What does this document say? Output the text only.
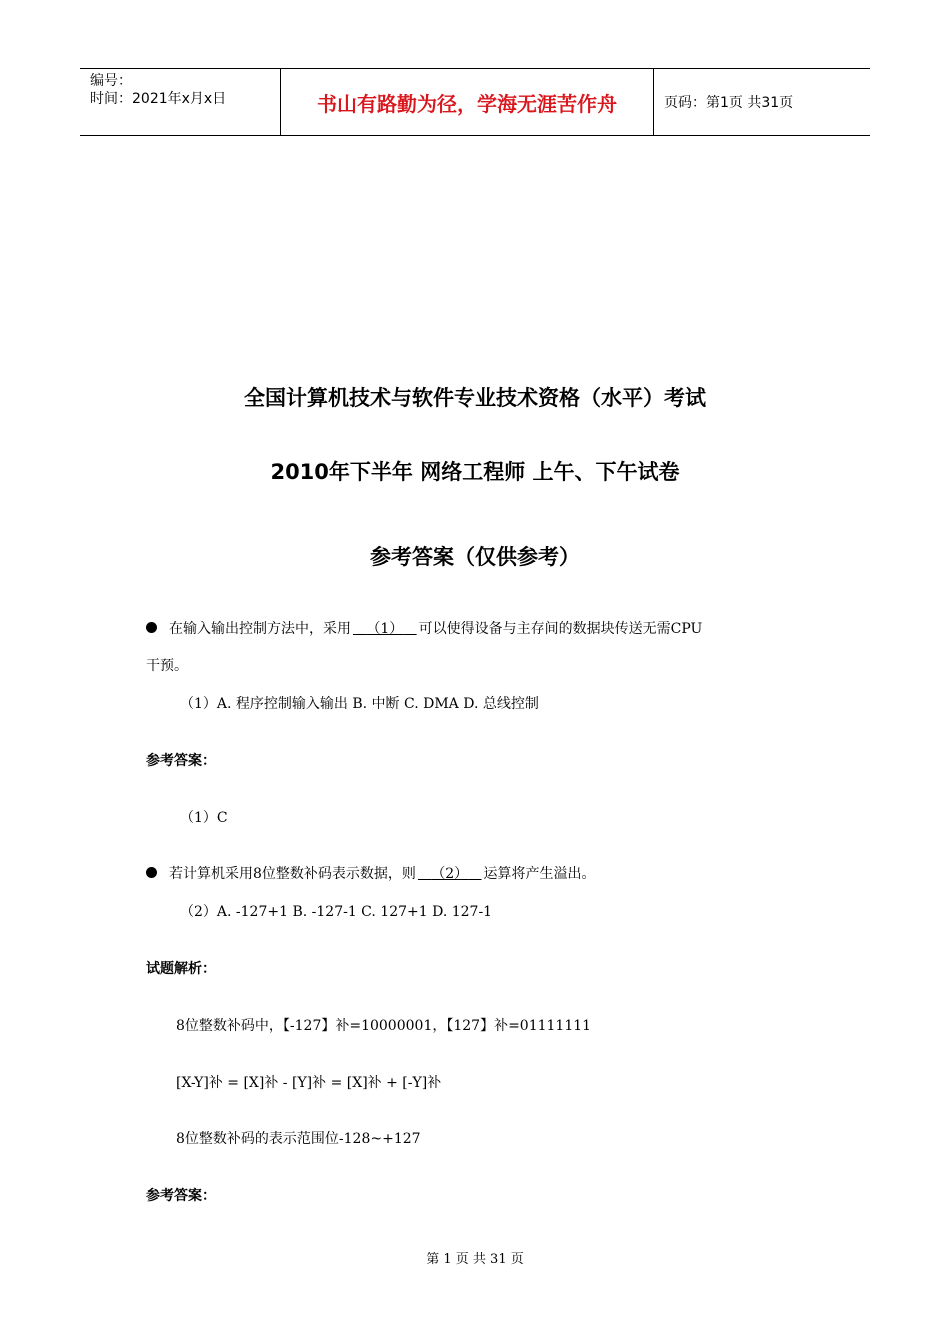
编号：
时间：2021年x月x日	书山有路勤为径，学海无涯苦作舟	页码：第1页 共31页
全国计算机技术与软件专业技术资格（水平）考试
2010年下半年 网络工程师 上午、下午试卷
参考答案（仅供参考）
在输入输出控制方法中，采用 （1） 可以使得设备与主存间的数据块传送无需CPU
干预。
（1）A. 程序控制输入输出 B. 中断 C. DMA D. 总线控制
参考答案：
（1）C
若计算机采用8位整数补码表示数据，则 （2） 运算将产生溢出。
（2）A. -127+1 B. -127-1 C. 127+1 D. 127-1
试题解析：
8位整数补码中，【-127】补=10000001，【127】补=01111111
[X-Y]补 = [X]补 - [Y]补 = [X]补 + [-Y]补
8位整数补码的表示范围位-128~+127
参考答案：
第 1 页 共 31 页
